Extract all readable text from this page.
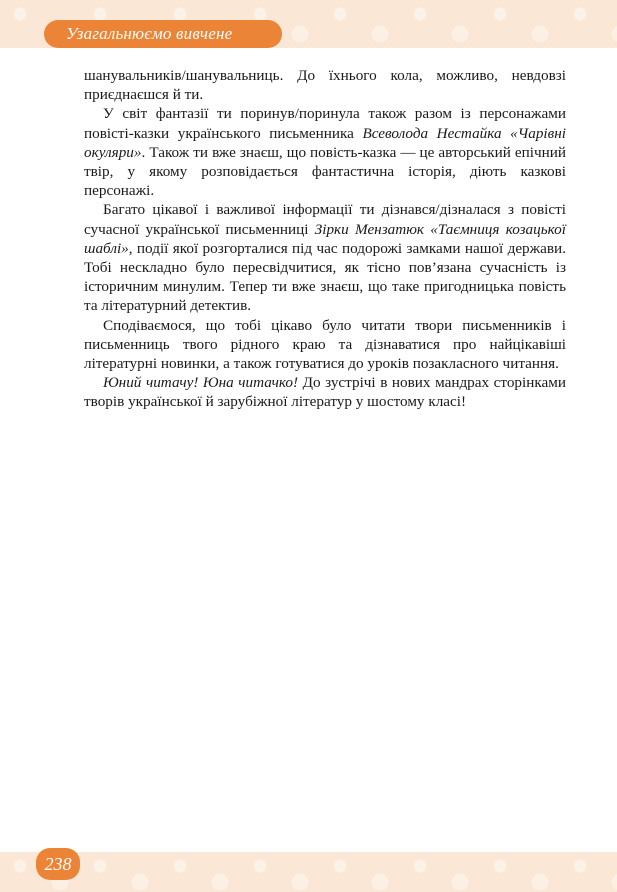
Узагальнюємо вивчене

шанувальників/шанувальниць. До їхнього кола, можливо, невдовзі приєднаєшся й ти.

У світ фантазії ти поринув/поринула також разом із персонажами повісті-казки українського письменника Всеволода Нестайка «Чарівні окуляри». Також ти вже знаєш, що повість-казка — це авторський епічний твір, у якому розповідається фантастична історія, діють казкові персонажі.

Багато цікавої і важливої інформації ти дізнався/дізналася з повісті сучасної української письменниці Зірки Мензатюк «Таємниця козацької шаблі», події якої розгорталися під час подорожі замками нашої держави. Тобі нескладно було пересвідчитися, як тісно пов’язана сучасність із історичним минулим. Тепер ти вже знаєш, що таке пригодницька повість та літературний детектив.

Сподіваємося, що тобі цікаво було читати твори письменників і письменниць твого рідного краю та дізнаватися про найцікавіші літературні новинки, а також готуватися до уроків позакласного читання.

Юний читачу! Юна читачко! До зустрічі в нових мандрах сторінками творів української й зарубіжної літератур у шостому класі!

238
